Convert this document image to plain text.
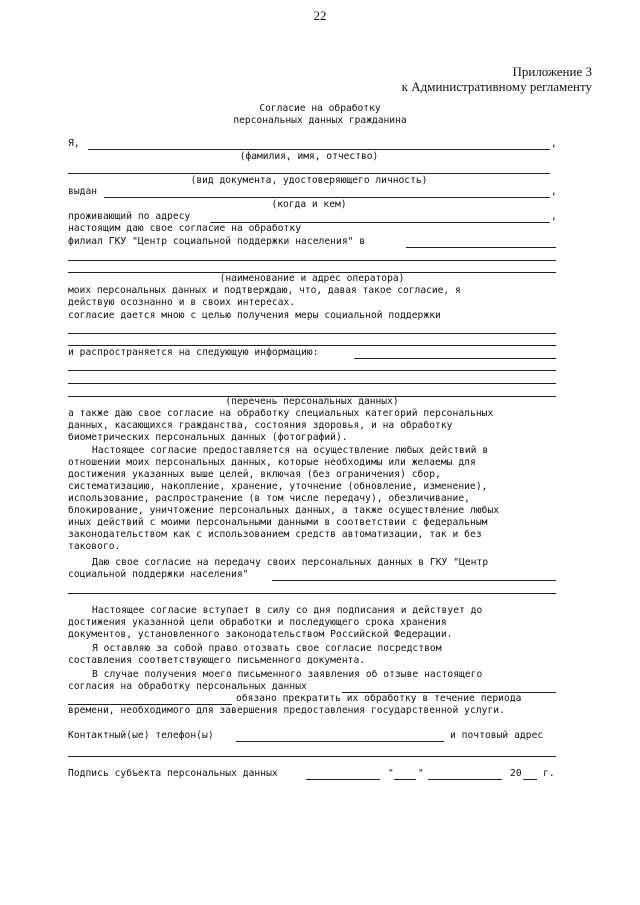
22
Приложение 3
к Административному регламенту
Согласие на обработку
персональных данных гражданина
Я,	,
(фамилия, имя, отчество)
(вид документа, удостоверяющего личность)
выдан	,
(когда и кем)
проживающий по адресу	,
настоящим даю свое согласие на обработку
филиал ГКУ "Центр социальной поддержки населения" в
(наименование и адрес оператора)
моих персональных данных и подтверждаю, что, давая такое согласие, я
действую осознанно и в своих интересах.
согласие дается мною с целью получения меры социальной поддержки
и распространяется на следующую информацию:
(перечень персональных данных)
а также даю свое согласие на обработку специальных категорий персональных
данных, касающихся гражданства, состояния здоровья, и на обработку
биометрических персональных данных (фотографий).
Настоящее согласие предоставляется на осуществление любых действий в
отношении моих персональных данных, которые необходимы или желаемы для
достижения указанных выше целей, включая (без ограничения) сбор,
систематизацию, накопление, хранение, уточнение (обновление, изменение),
использование, распространение (в том числе передачу), обезличивание,
блокирование, уничтожение персональных данных, а также осуществление любых
иных действий с моими персональными данными в соответствии с федеральным
законодательством как с использованием средств автоматизации, так и без
такового.
Даю свое согласие на передачу своих персональных данных в ГКУ "Центр
социальной поддержки населения"
Настоящее согласие вступает в силу со дня подписания и действует до
достижения указанной цели обработки и последующего срока хранения
документов, установленного законодательством Российской Федерации.
Я оставляю за собой право отозвать свое согласие посредством
составления соответствующего письменного документа.
В случае получения моего письменного заявления об отзыве настоящего
согласия на обработку персональных данных
обязано прекратить их обработку в течение периода
времени, необходимого для завершения предоставления государственной услуги.
Контактный(ые) телефон(ы)	и почтовый адрес
Подпись субъекта персональных данных	"	"	20 г.
